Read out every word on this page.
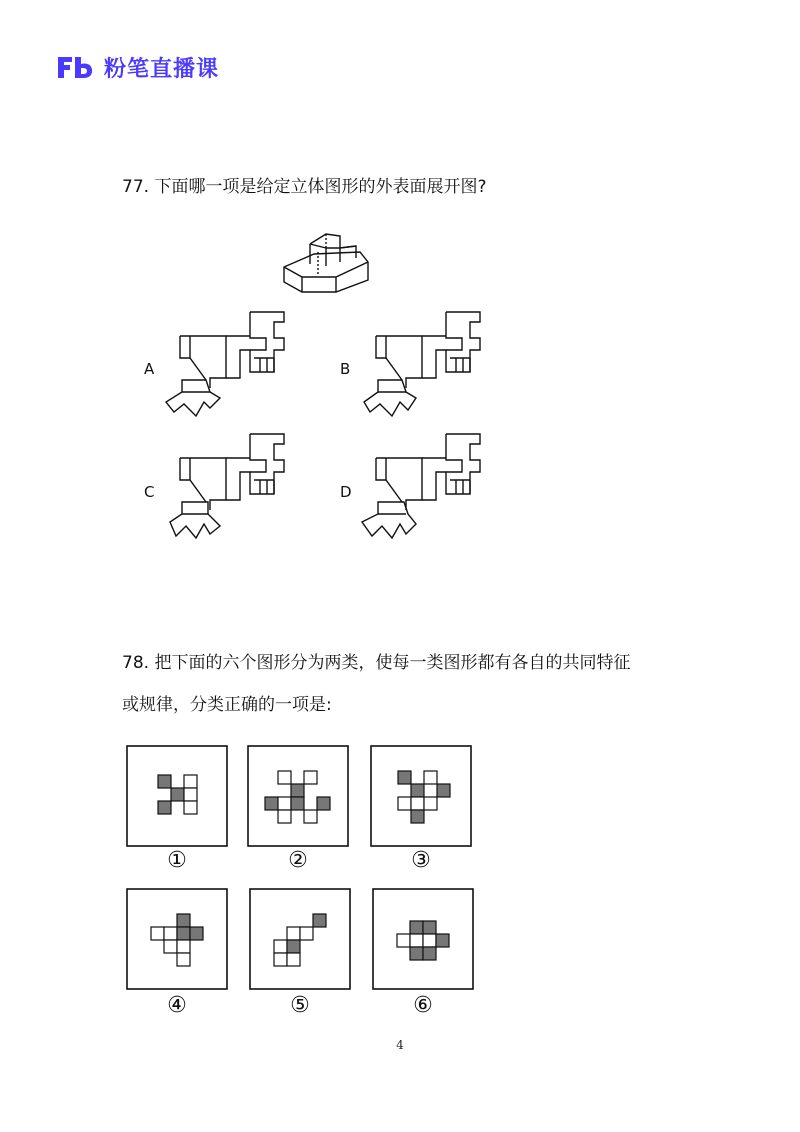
粉笔直播课
77. 下面哪一项是给定立体图形的外表面展开图?
A	B
C	D
78. 把下面的六个图形分为两类，使每一类图形都有各自的共同特征
或规律，分类正确的一项是:
①	②	③
④	⑤	⑥
4
